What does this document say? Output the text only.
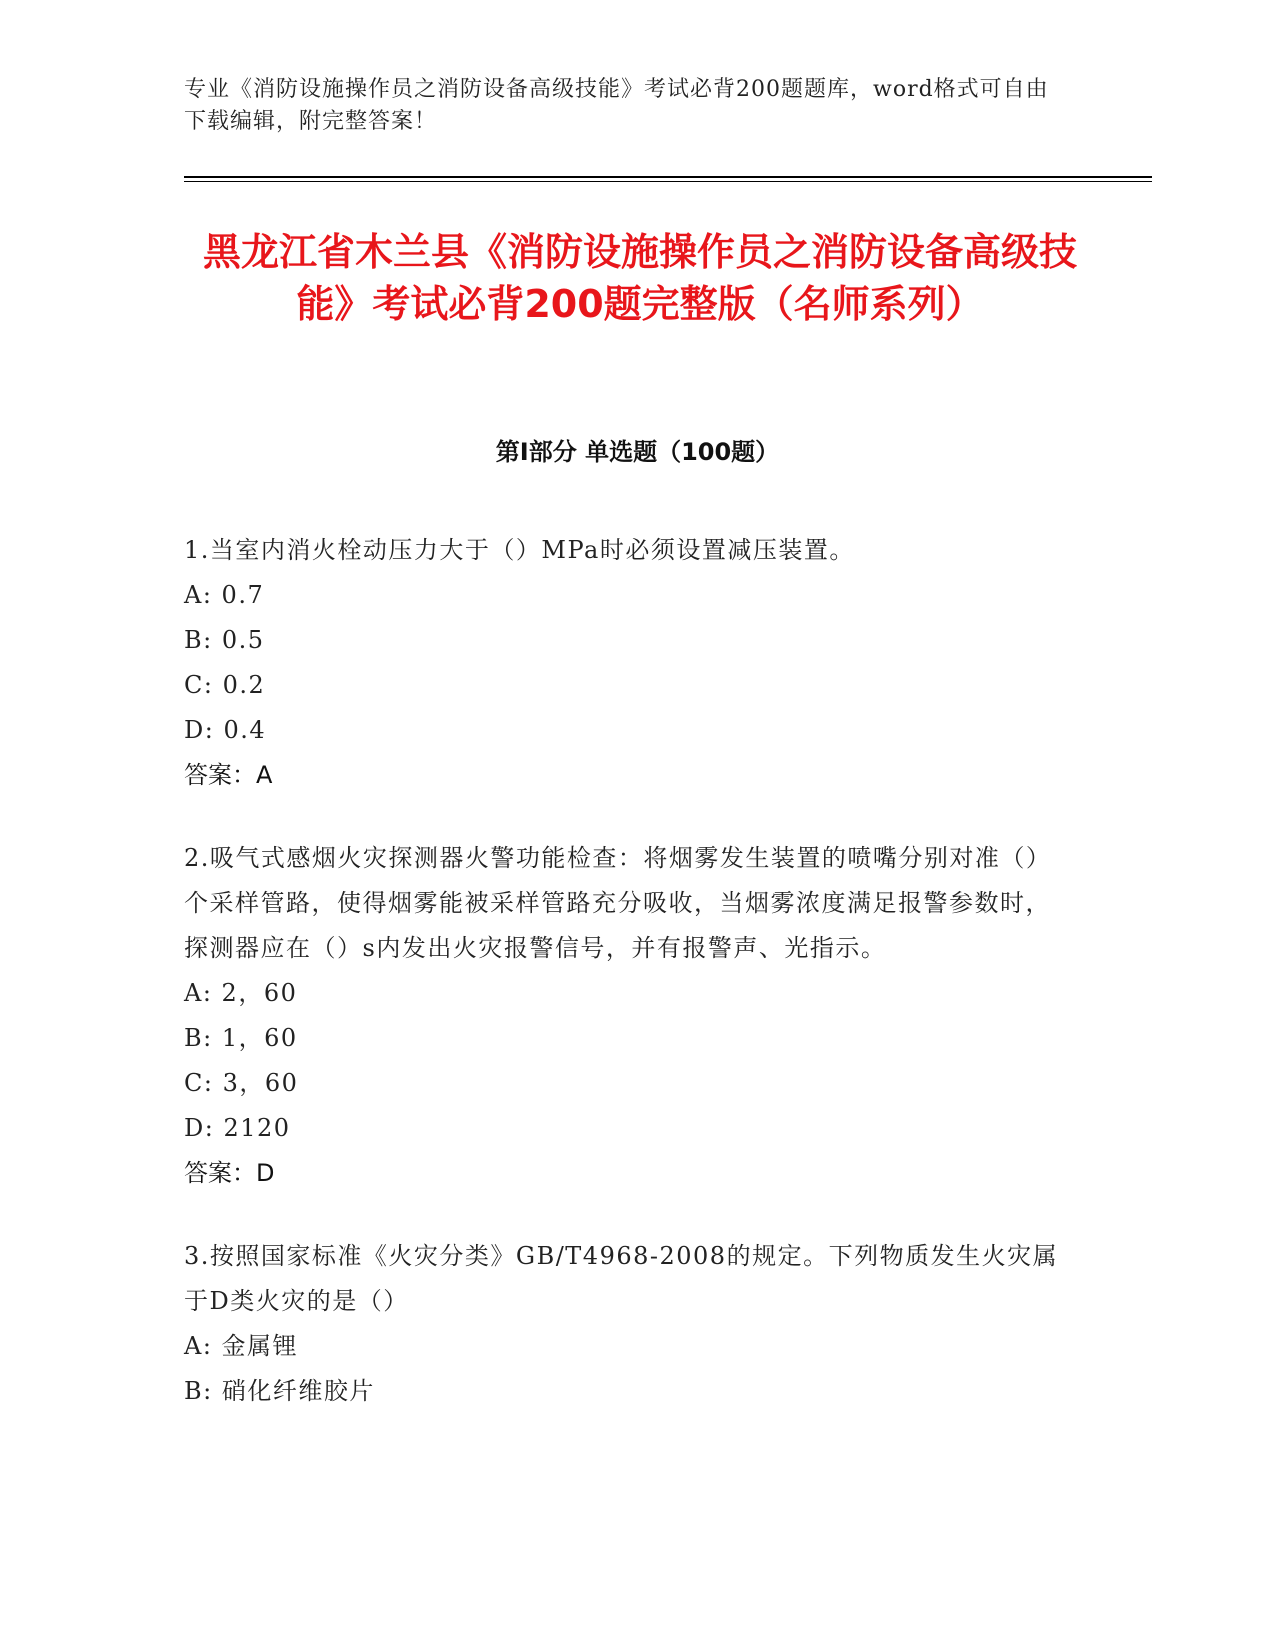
专业《消防设施操作员之消防设备高级技能》考试必背200题题库，word格式可自由下载编辑，附完整答案！
黑龙江省木兰县《消防设施操作员之消防设备高级技能》考试必背200题完整版（名师系列）
第I部分 单选题（100题）
1.当室内消火栓动压力大于（）MPa时必须设置减压装置。
A: 0.7
B: 0.5
C: 0.2
D: 0.4
答案：A
2.吸气式感烟火灾探测器火警功能检查：将烟雾发生装置的喷嘴分别对准（）个采样管路，使得烟雾能被采样管路充分吸收，当烟雾浓度满足报警参数时，探测器应在（）s内发出火灾报警信号，并有报警声、光指示。
A: 2，60
B: 1，60
C: 3，60
D: 2120
答案：D
3.按照国家标准《火灾分类》GB/T4968-2008的规定。下列物质发生火灾属于D类火灾的是（）
A: 金属锂
B: 硝化纤维胶片
